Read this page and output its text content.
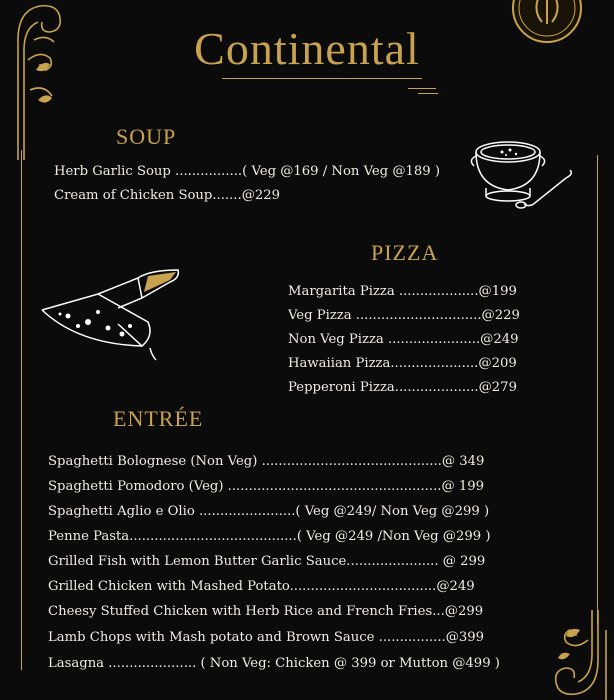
Continental
SOUP
Herb Garlic Soup ................( Veg @169 / Non Veg @189 )
Cream of Chicken Soup.......@229
PIZZA
Margarita Pizza ...................@199
Veg Pizza ..............................@229
Non Veg Pizza ......................@249
Hawaiian Pizza.....................@209
Pepperoni Pizza....................@279
ENTRÉE
Spaghetti Bolognese (Non Veg) ...........................................@ 349
Spaghetti Pomodoro (Veg) ...................................................@ 199
Spaghetti Aglio e Olio .......................( Veg @249/ Non Veg @299 )
Penne Pasta........................................( Veg @249 /Non Veg @299 )
Grilled Fish with Lemon Butter Garlic Sauce...................... @ 299
Grilled Chicken with Mashed Potato...................................@249
Cheesy Stuffed Chicken with Herb Rice and French Fries...@299
Lamb Chops with Mash potato and Brown Sauce ................@399
Lasagna ..................... ( Non Veg: Chicken @ 399 or Mutton @499 )
